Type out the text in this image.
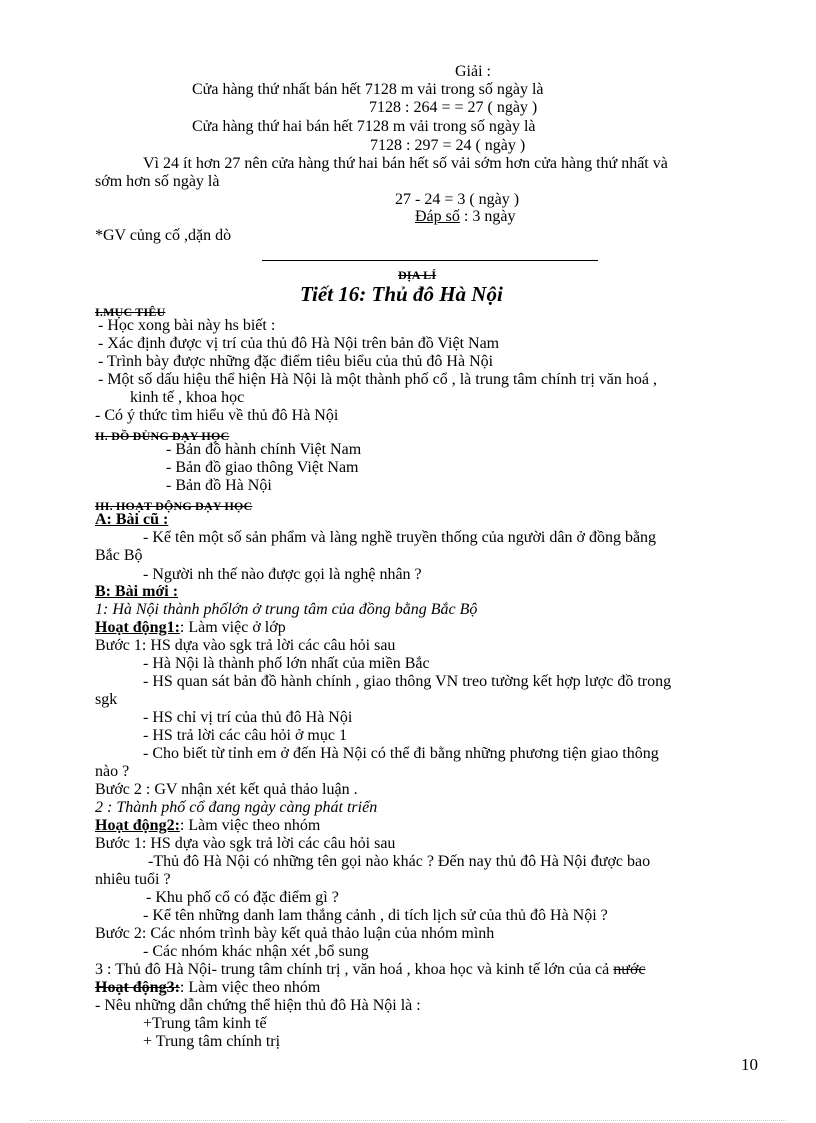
Giải :
Cửa hàng thứ nhất bán hết 7128 m vải trong số ngày là
7128 : 264 = = 27 ( ngày )
Cửa hàng thứ hai bán hết 7128 m vải trong số ngày là
7128 : 297 = 24 ( ngày )
Vì 24 ít hơn 27 nên cửa hàng thứ hai bán hết số vải sớm hơn cửa hàng thứ nhất và
sớm hơn số ngày là
27 - 24 = 3 ( ngày )
Đáp số : 3 ngày
*GV củng cố ,dặn dò
ĐỊA LÍ
Tiết 16: Thủ đô Hà Nội
I.MỤC TIÊU
- Học xong bài này hs biết :
- Xác định được vị trí của thủ đô Hà Nội trên bản đồ Việt Nam
- Trình bày được những đặc điểm tiêu biểu của thủ đô Hà Nội
- Một số dấu hiệu thể hiện Hà Nội là một thành phố cổ , là trung tâm chính trị văn hoá ,
kinh tế , khoa học
- Có ý thức tìm hiểu về thủ đô Hà Nội
II. ĐỒ DÙNG DẠY HỌC
- Bản đồ hành chính Việt Nam
- Bản đồ giao thông Việt Nam
- Bản đồ Hà Nội
III. HOẠT ĐỘNG DẠY HỌC
A: Bài cũ :
- Kể tên một số sản phẩm và làng nghề truyền thống của người dân ở đồng bằng
Bắc Bộ
- Người nh thế nào được gọi là nghệ nhân ?
B: Bài mới :
1: Hà Nội thành phốlớn ở trung tâm của đồng bằng Bắc Bộ
Hoạt động1:: Làm việc ở lớp
Bước 1: HS dựa vào sgk trả lời các câu hỏi sau
- Hà Nội là thành phố lớn nhất của miền Bắc
- HS quan sát bản đồ hành chính , giao thông VN treo tường kết hợp lược đồ trong
sgk
- HS chỉ vị trí của thủ đô Hà Nội
- HS trả lời các câu hỏi ở mục 1
- Cho biết từ tỉnh em ở đến Hà Nội có thể đi bằng những phương tiện giao thông
nào ?
Bước 2 : GV nhận xét kết quả thảo luận .
2 : Thành phố cổ đang ngày càng phát triển
Hoạt động2:: Làm việc theo nhóm
Bước 1: HS dựa vào sgk trả lời các câu hỏi sau
-Thủ đô Hà Nội có những tên gọi nào khác ? Đến nay thủ đô Hà Nội được bao
nhiêu tuổi ?
- Khu phố cổ có đặc điểm gì ?
- Kể tên những danh lam thắng cảnh , di tích lịch sử của thủ đô Hà Nội ?
Bước 2: Các nhóm trình bày kết quả thảo luận của nhóm mình
- Các nhóm khác nhận xét ,bổ sung
3 : Thủ đô Hà Nội- trung tâm chính trị , văn hoá , khoa học và kinh tế lớn của cả nước
Hoạt động3:: Làm việc theo nhóm
- Nêu những dẫn chứng thể hiện thủ đô Hà Nội là :
+Trung tâm kinh tế
+ Trung tâm chính trị
10
